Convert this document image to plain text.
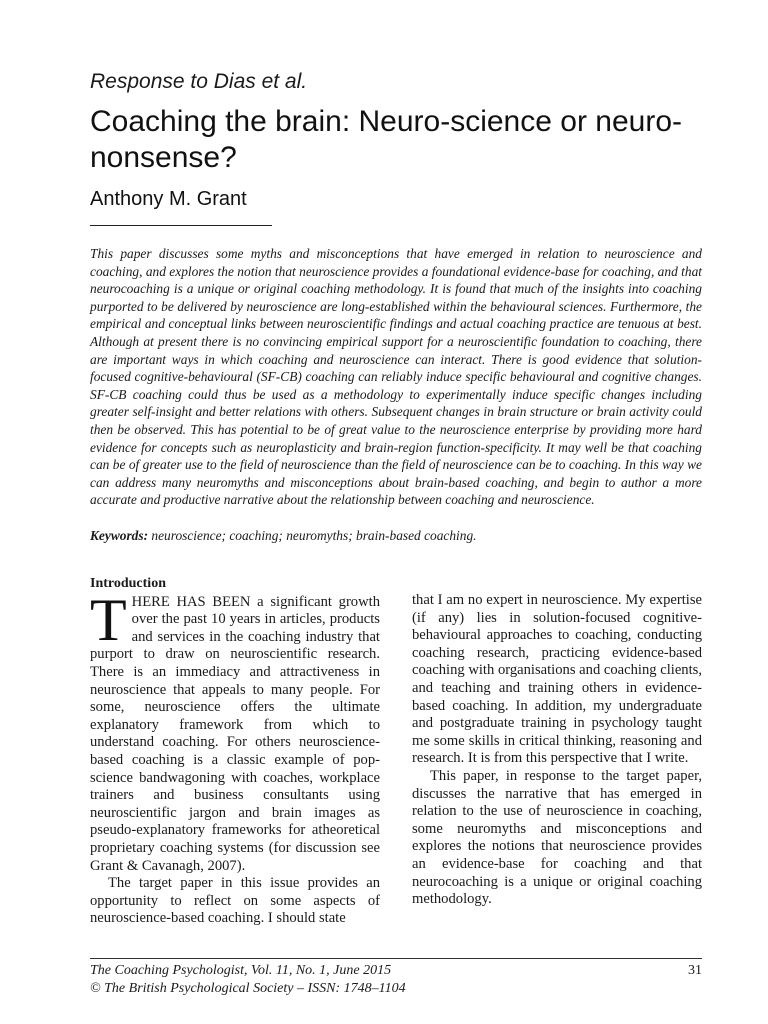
Response to Dias et al.
Coaching the brain: Neuro-science or neuro-nonsense?
Anthony M. Grant

This paper discusses some myths and misconceptions that have emerged in relation to neuroscience and coaching, and explores the notion that neuroscience provides a foundational evidence-base for coaching, and that neurocoaching is a unique or original coaching methodology. It is found that much of the insights into coaching purported to be delivered by neuroscience are long-established within the behavioural sciences. Furthermore, the empirical and conceptual links between neuroscientific findings and actual coaching practice are tenuous at best. Although at present there is no convincing empirical support for a neuroscientific foundation to coaching, there are important ways in which coaching and neuroscience can interact. There is good evidence that solution-focused cognitive-behavioural (SF-CB) coaching can reliably induce specific behavioural and cognitive changes. SF-CB coaching could thus be used as a methodology to experimentally induce specific changes including greater self-insight and better relations with others. Subsequent changes in brain structure or brain activity could then be observed. This has potential to be of great value to the neuroscience enterprise by providing more hard evidence for concepts such as neuroplasticity and brain-region function-specificity. It may well be that coaching can be of greater use to the field of neuroscience than the field of neuroscience can be to coaching. In this way we can address many neuromyths and misconceptions about brain-based coaching, and begin to author a more accurate and productive narrative about the relationship between coaching and neuroscience.

Keywords: neuroscience; coaching; neuromyths; brain-based coaching.

Introduction

THERE HAS BEEN a significant growth over the past 10 years in articles, products and services in the coaching industry that purport to draw on neuroscientific research. There is an immediacy and attractiveness in neuroscience that appeals to many people. For some, neuroscience offers the ultimate explanatory framework from which to understand coaching. For others neuroscience-based coaching is a classic example of pop-science bandwagoning with coaches, workplace trainers and business consultants using neuroscientific jargon and brain images as pseudo-explanatory frameworks for atheoretical proprietary coaching systems (for discussion see Grant & Cavanagh, 2007).

The target paper in this issue provides an opportunity to reflect on some aspects of neuroscience-based coaching. I should state

that I am no expert in neuroscience. My expertise (if any) lies in solution-focused cognitive-behavioural approaches to coaching, conducting coaching research, practicing evidence-based coaching with organisations and coaching clients, and teaching and training others in evidence-based coaching. In addition, my undergraduate and postgraduate training in psychology taught me some skills in critical thinking, reasoning and research. It is from this perspective that I write.

This paper, in response to the target paper, discusses the narrative that has emerged in relation to the use of neuroscience in coaching, some neuromyths and misconceptions and explores the notions that neuroscience provides an evidence-base for coaching and that neurocoaching is a unique or original coaching methodology.

The Coaching Psychologist, Vol. 11, No. 1, June 2015
© The British Psychological Society – ISSN: 1748–1104
31
